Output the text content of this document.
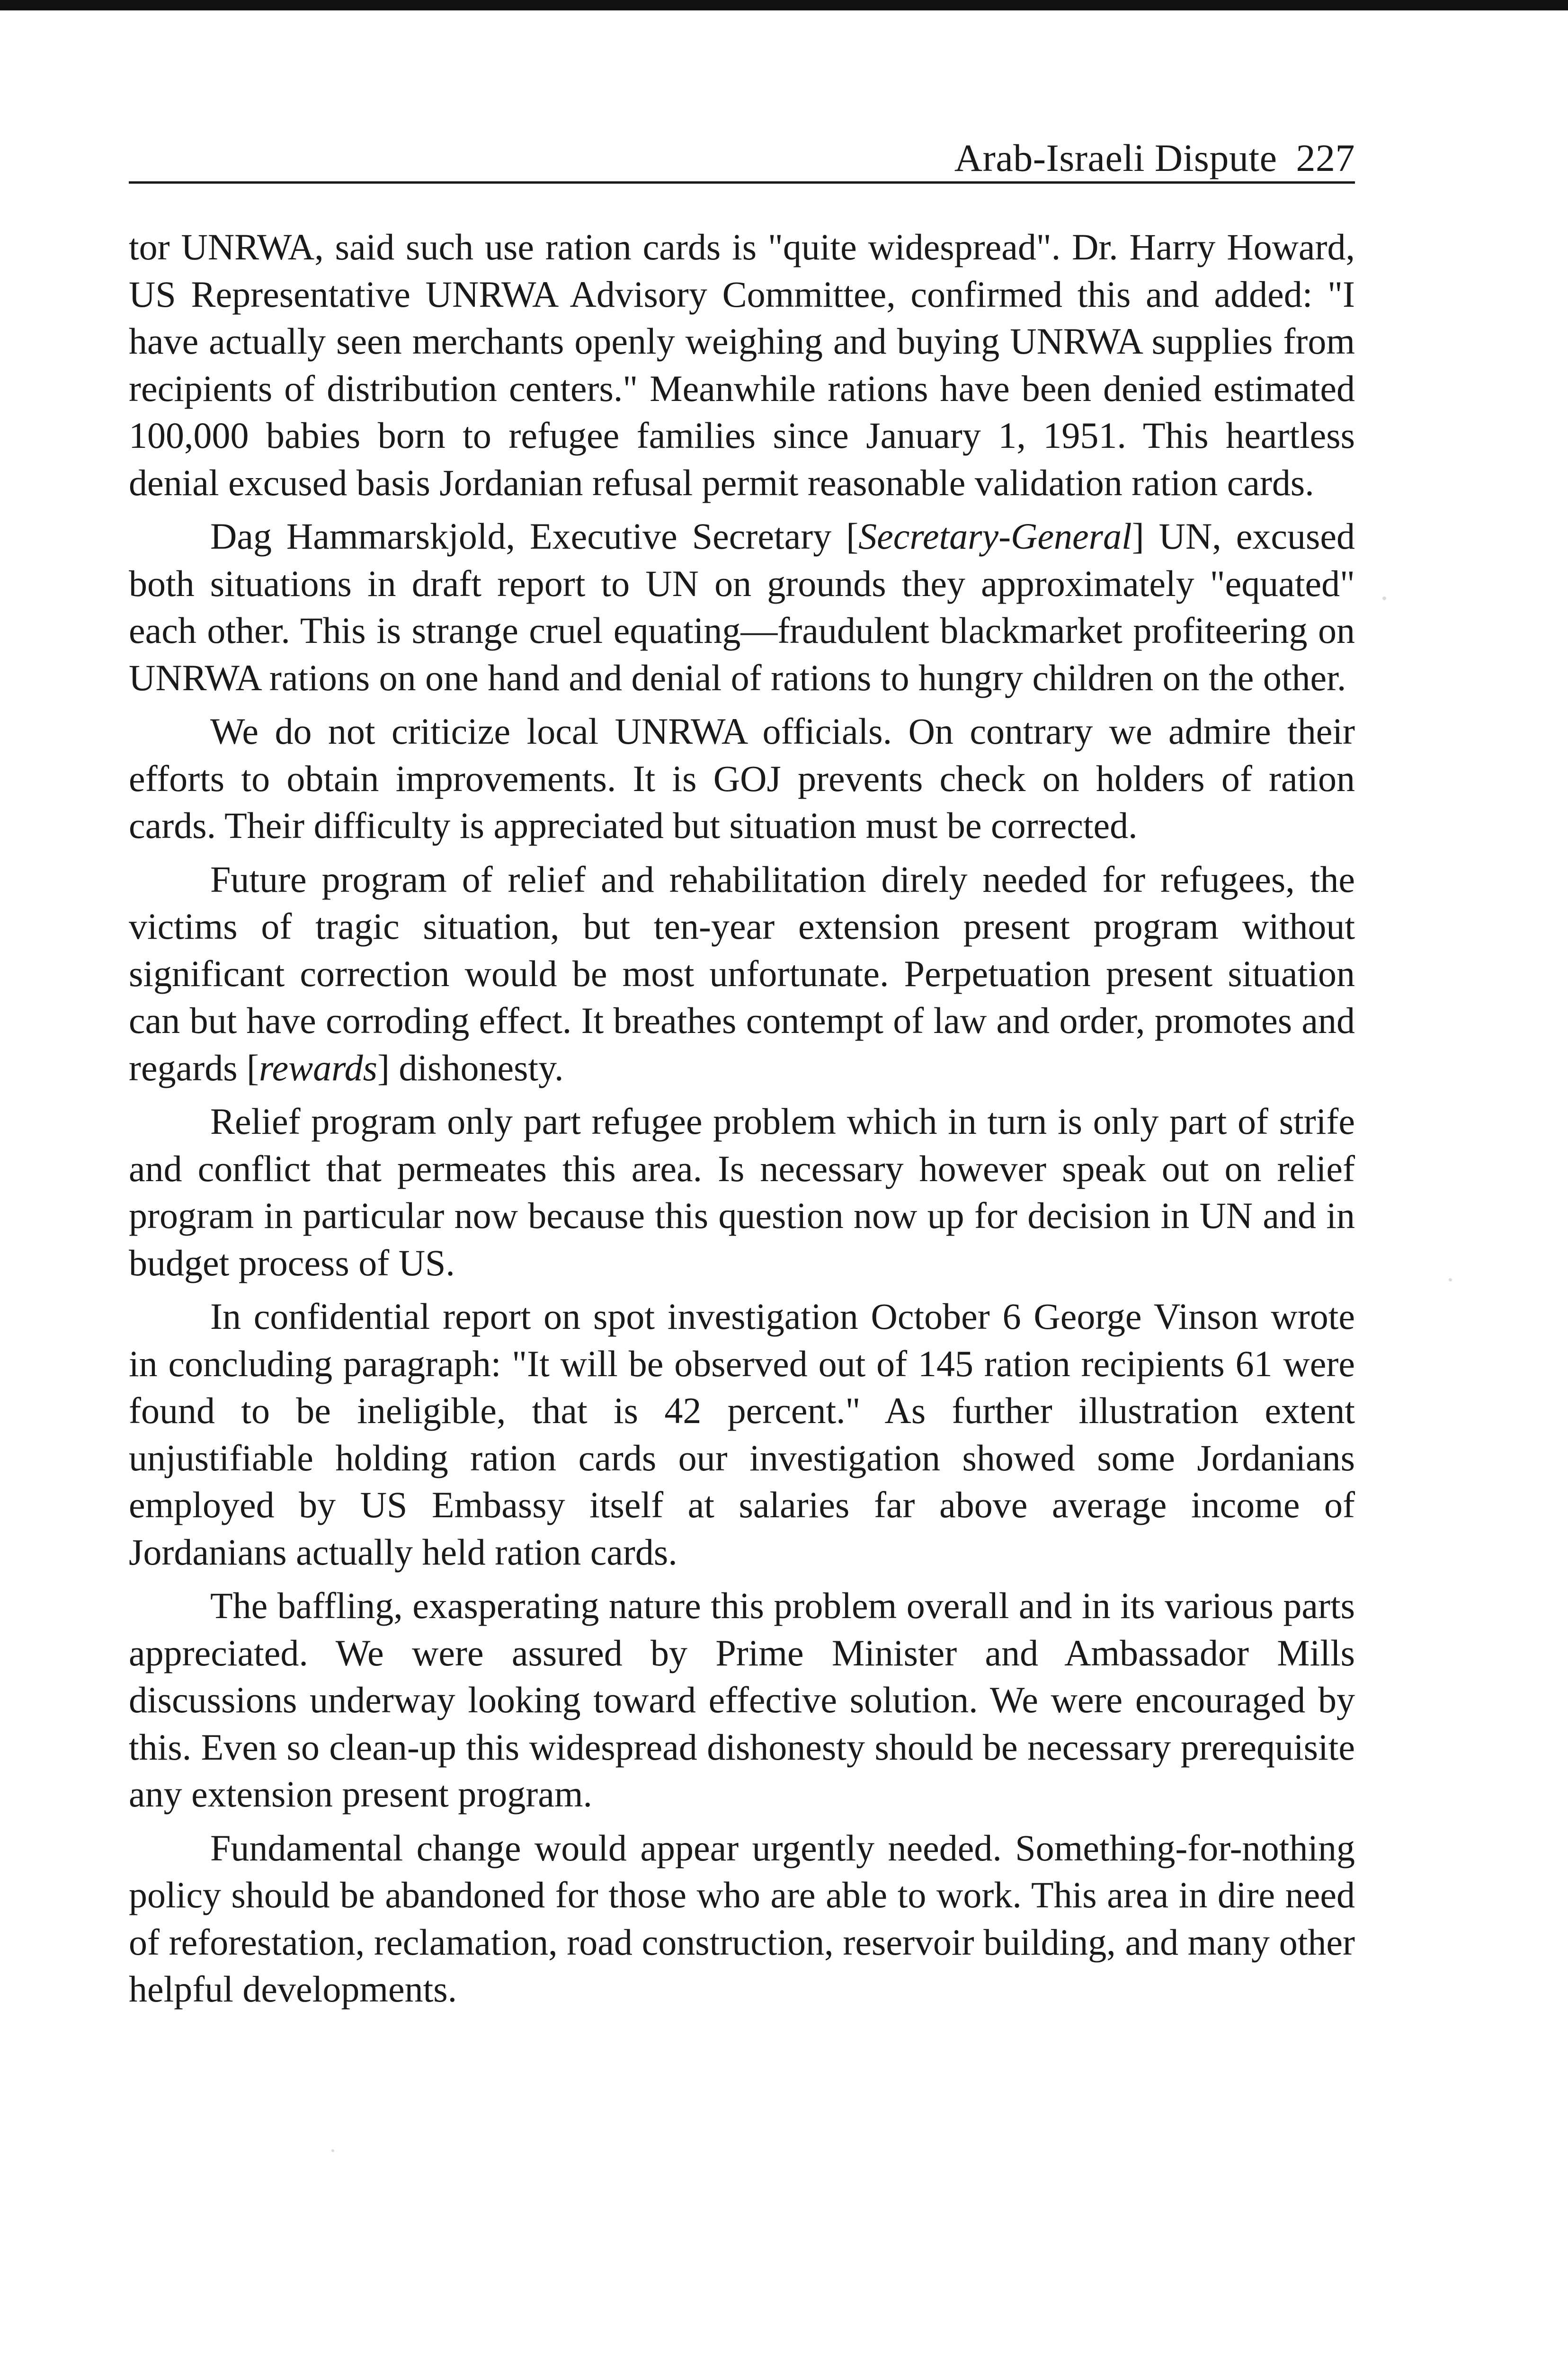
Arab-Israeli Dispute 227

tor UNRWA, said such use ration cards is "quite widespread". Dr. Harry Howard, US Representative UNRWA Advisory Committee, confirmed this and added: "I have actually seen merchants openly weighing and buying UNRWA supplies from recipients of distribution centers." Meanwhile rations have been denied estimated 100,000 babies born to refugee families since January 1, 1951. This heartless denial excused basis Jordanian refusal permit reasonable validation ration cards.

Dag Hammarskjold, Executive Secretary [Secretary-General] UN, excused both situations in draft report to UN on grounds they approximately "equated" each other. This is strange cruel equating—fraudulent blackmarket profiteering on UNRWA rations on one hand and denial of rations to hungry children on the other.

We do not criticize local UNRWA officials. On contrary we admire their efforts to obtain improvements. It is GOJ prevents check on holders of ration cards. Their difficulty is appreciated but situation must be corrected.

Future program of relief and rehabilitation direly needed for refugees, the victims of tragic situation, but ten-year extension present program without significant correction would be most unfortunate. Perpetuation present situation can but have corroding effect. It breathes contempt of law and order, promotes and regards [rewards] dishonesty.

Relief program only part refugee problem which in turn is only part of strife and conflict that permeates this area. Is necessary however speak out on relief program in particular now because this question now up for decision in UN and in budget process of US.

In confidential report on spot investigation October 6 George Vinson wrote in concluding paragraph: "It will be observed out of 145 ration recipients 61 were found to be ineligible, that is 42 percent." As further illustration extent unjustifiable holding ration cards our investigation showed some Jordanians employed by US Embassy itself at salaries far above average income of Jordanians actually held ration cards.

The baffling, exasperating nature this problem overall and in its various parts appreciated. We were assured by Prime Minister and Ambassador Mills discussions underway looking toward effective solution. We were encouraged by this. Even so clean-up this widespread dishonesty should be necessary prerequisite any extension present program.

Fundamental change would appear urgently needed. Something-for-nothing policy should be abandoned for those who are able to work. This area in dire need of reforestation, reclamation, road construction, reservoir building, and many other helpful developments.
